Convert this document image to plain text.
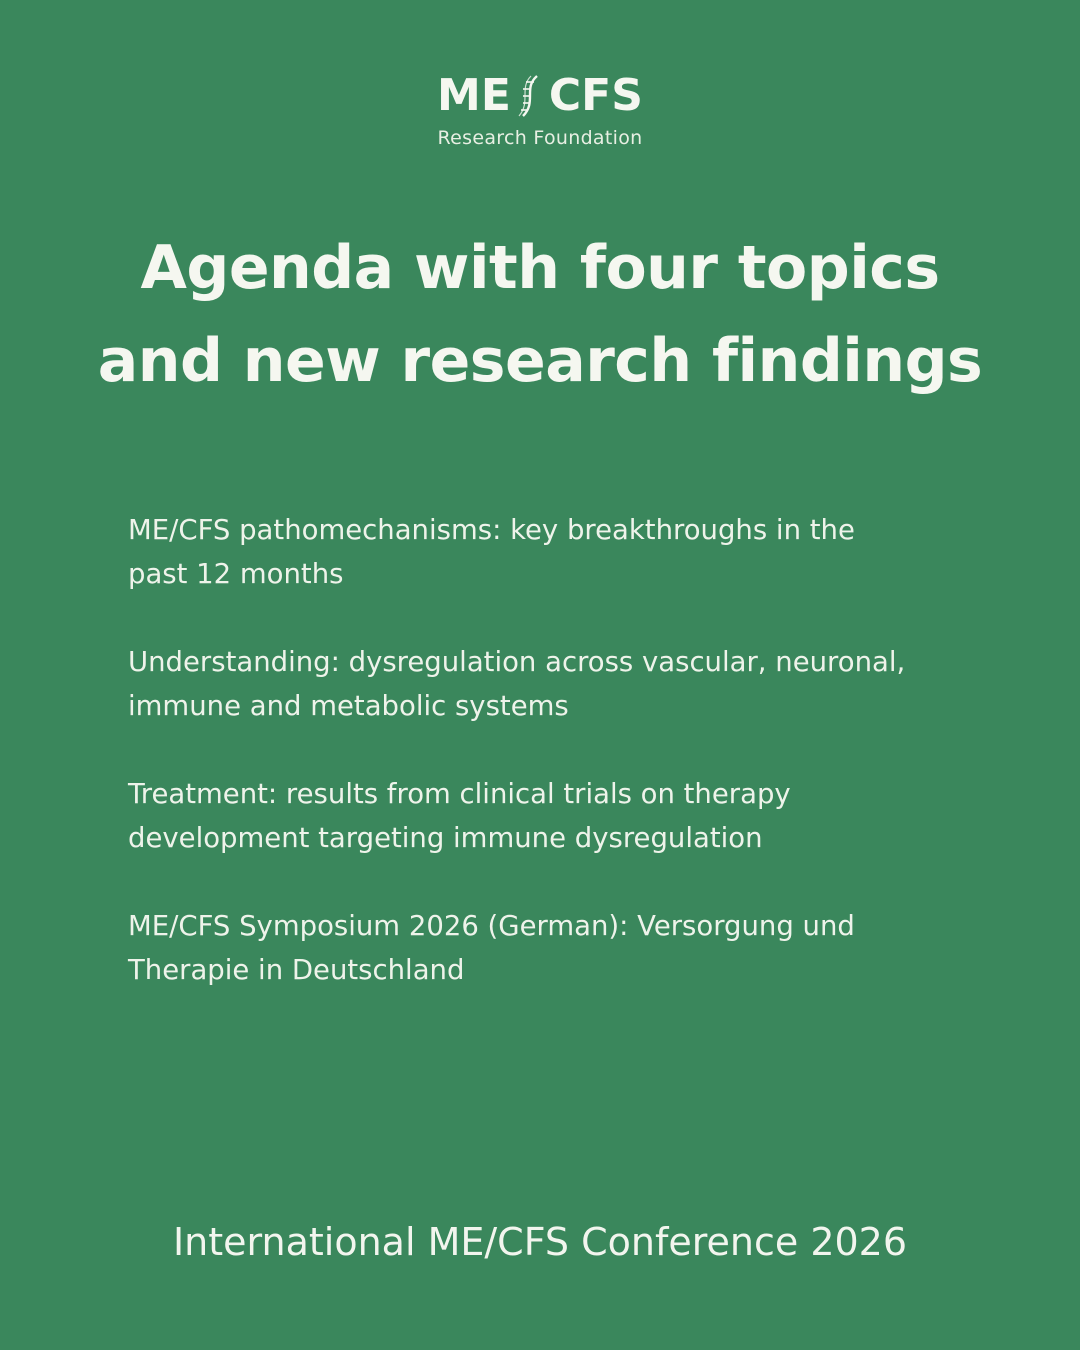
ME CFS
Research Foundation
Agenda with four topics
and new research findings
ME/CFS pathomechanisms: key breakthroughs in the
past 12 months
Understanding: dysregulation across vascular, neuronal,
immune and metabolic systems
Treatment: results from clinical trials on therapy
development targeting immune dysregulation
ME/CFS Symposium 2026 (German): Versorgung und
Therapie in Deutschland
International ME/CFS Conference 2026
